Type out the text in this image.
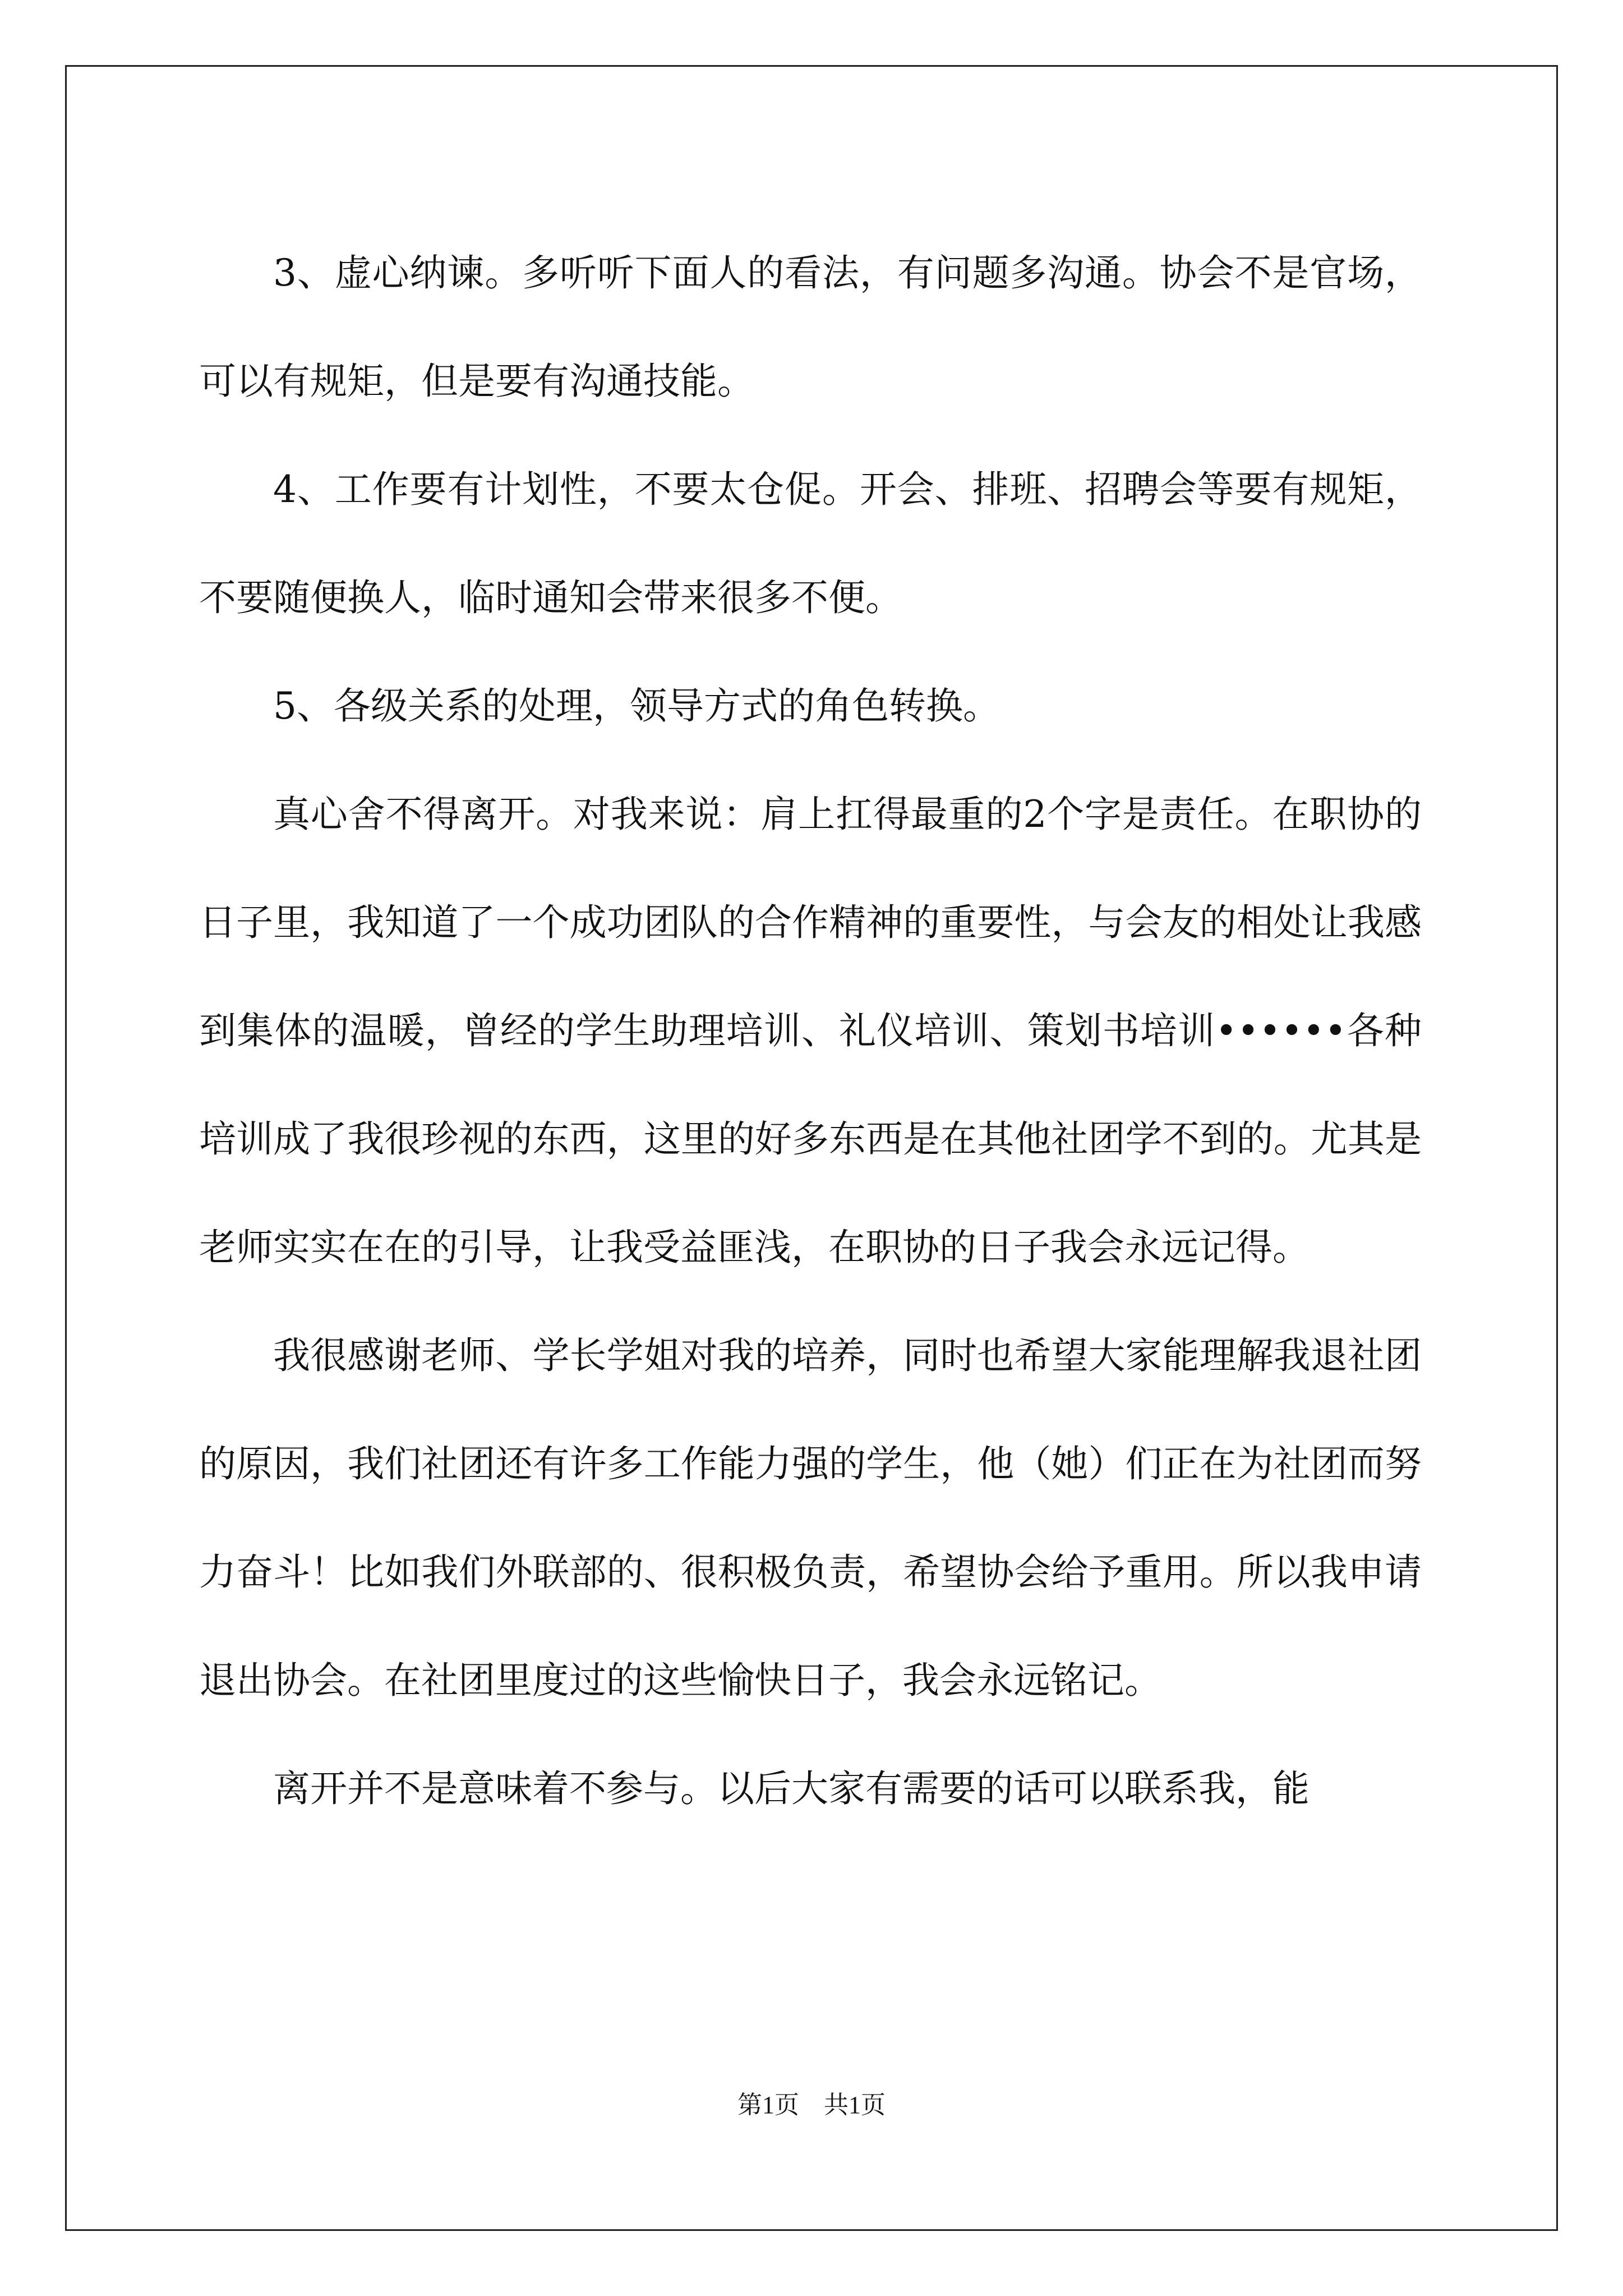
3、虚心纳谏。多听听下面人的看法，有问题多沟通。协会不是官场，可以有规矩，但是要有沟通技能。

4、工作要有计划性，不要太仓促。开会、排班、招聘会等要有规矩，不要随便换人，临时通知会带来很多不便。

5、各级关系的处理，领导方式的角色转换。

真心舍不得离开。对我来说：肩上扛得最重的2个字是责任。在职协的日子里，我知道了一个成功团队的合作精神的重要性，与会友的相处让我感到集体的温暖，曾经的学生助理培训、礼仪培训、策划书培训••••••各种培训成了我很珍视的东西，这里的好多东西是在其他社团学不到的。尤其是老师实实在在的引导，让我受益匪浅，在职协的日子我会永远记得。

我很感谢老师、学长学姐对我的培养，同时也希望大家能理解我退社团的原因，我们社团还有许多工作能力强的学生，他（她）们正在为社团而努力奋斗！比如我们外联部的、很积极负责，希望协会给予重用。所以我申请退出协会。在社团里度过的这些愉快日子，我会永远铭记。

离开并不是意味着不参与。以后大家有需要的话可以联系我，能

第1页 共1页
